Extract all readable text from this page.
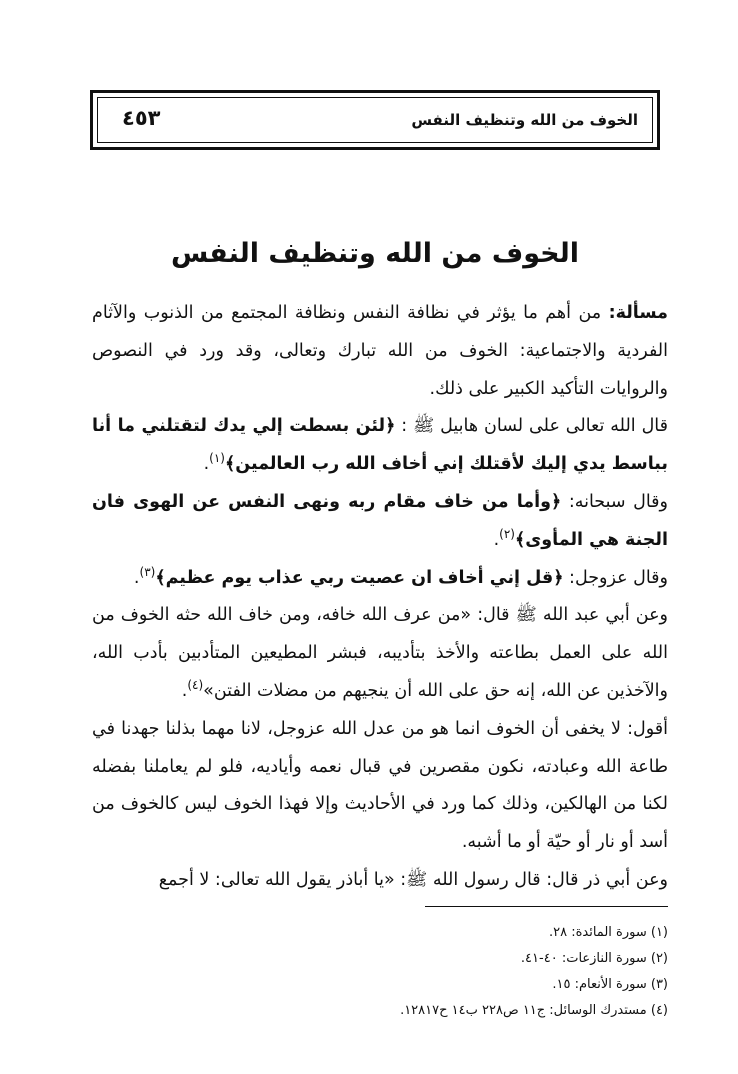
الخوف من الله وتنظيف النفس
٤٥٣
الخوف من الله وتنظيف النفس

مسألة: من أهم ما يؤثر في نظافة النفس ونظافة المجتمع من الذنوب والآثام الفردية والاجتماعية: الخوف من الله تبارك وتعالى، وقد ورد في النصوص والروايات التأكيد الكبير على ذلك.

قال الله تعالى على لسان هابيل ﷺ : ﴿لئن بسطت إلي يدك لتقتلني ما أنا بباسط يدي إليك لأقتلك إني أخاف الله رب العالمين﴾$^{(١)}$.

وقال سبحانه: ﴿وأما من خاف مقام ربه ونهى النفس عن الهوى فان الجنة هي المأوى﴾$^{(٢)}$.

وقال عزوجل: ﴿قل إني أخاف ان عصيت ربي عذاب يوم عظيم﴾$^{(٣)}$.

وعن أبي عبد الله ﷺ قال: «من عرف الله خافه، ومن خاف الله حثه الخوف من الله على العمل بطاعته والأخذ بتأديبه، فبشر المطيعين المتأدبين بأدب الله، والآخذين عن الله، إنه حق على الله أن ينجيهم من مضلات الفتن»$^{(٤)}$.

أقول: لا يخفى أن الخوف انما هو من عدل الله عزوجل، لانا مهما بذلنا جهدنا في طاعة الله وعبادته، نكون مقصرين في قبال نعمه وأياديه، فلو لم يعاملنا بفضله لكنا من الهالكين، وذلك كما ورد في الأحاديث وإلا فهذا الخوف ليس كالخوف من أسد أو نار أو حيّة أو ما أشبه.

وعن أبي ذر قال: قال رسول الله ﷺ: «يا أباذر يقول الله تعالى: لا أجمع

(١) سورة المائدة: ٢٨.
(٢) سورة النازعات: ٤٠-٤١.
(٣) سورة الأنعام: ١٥.
(٤) مستدرك الوسائل: ج١١ ص٢٢٨ ب١٤ ح١٢٨١٧.
